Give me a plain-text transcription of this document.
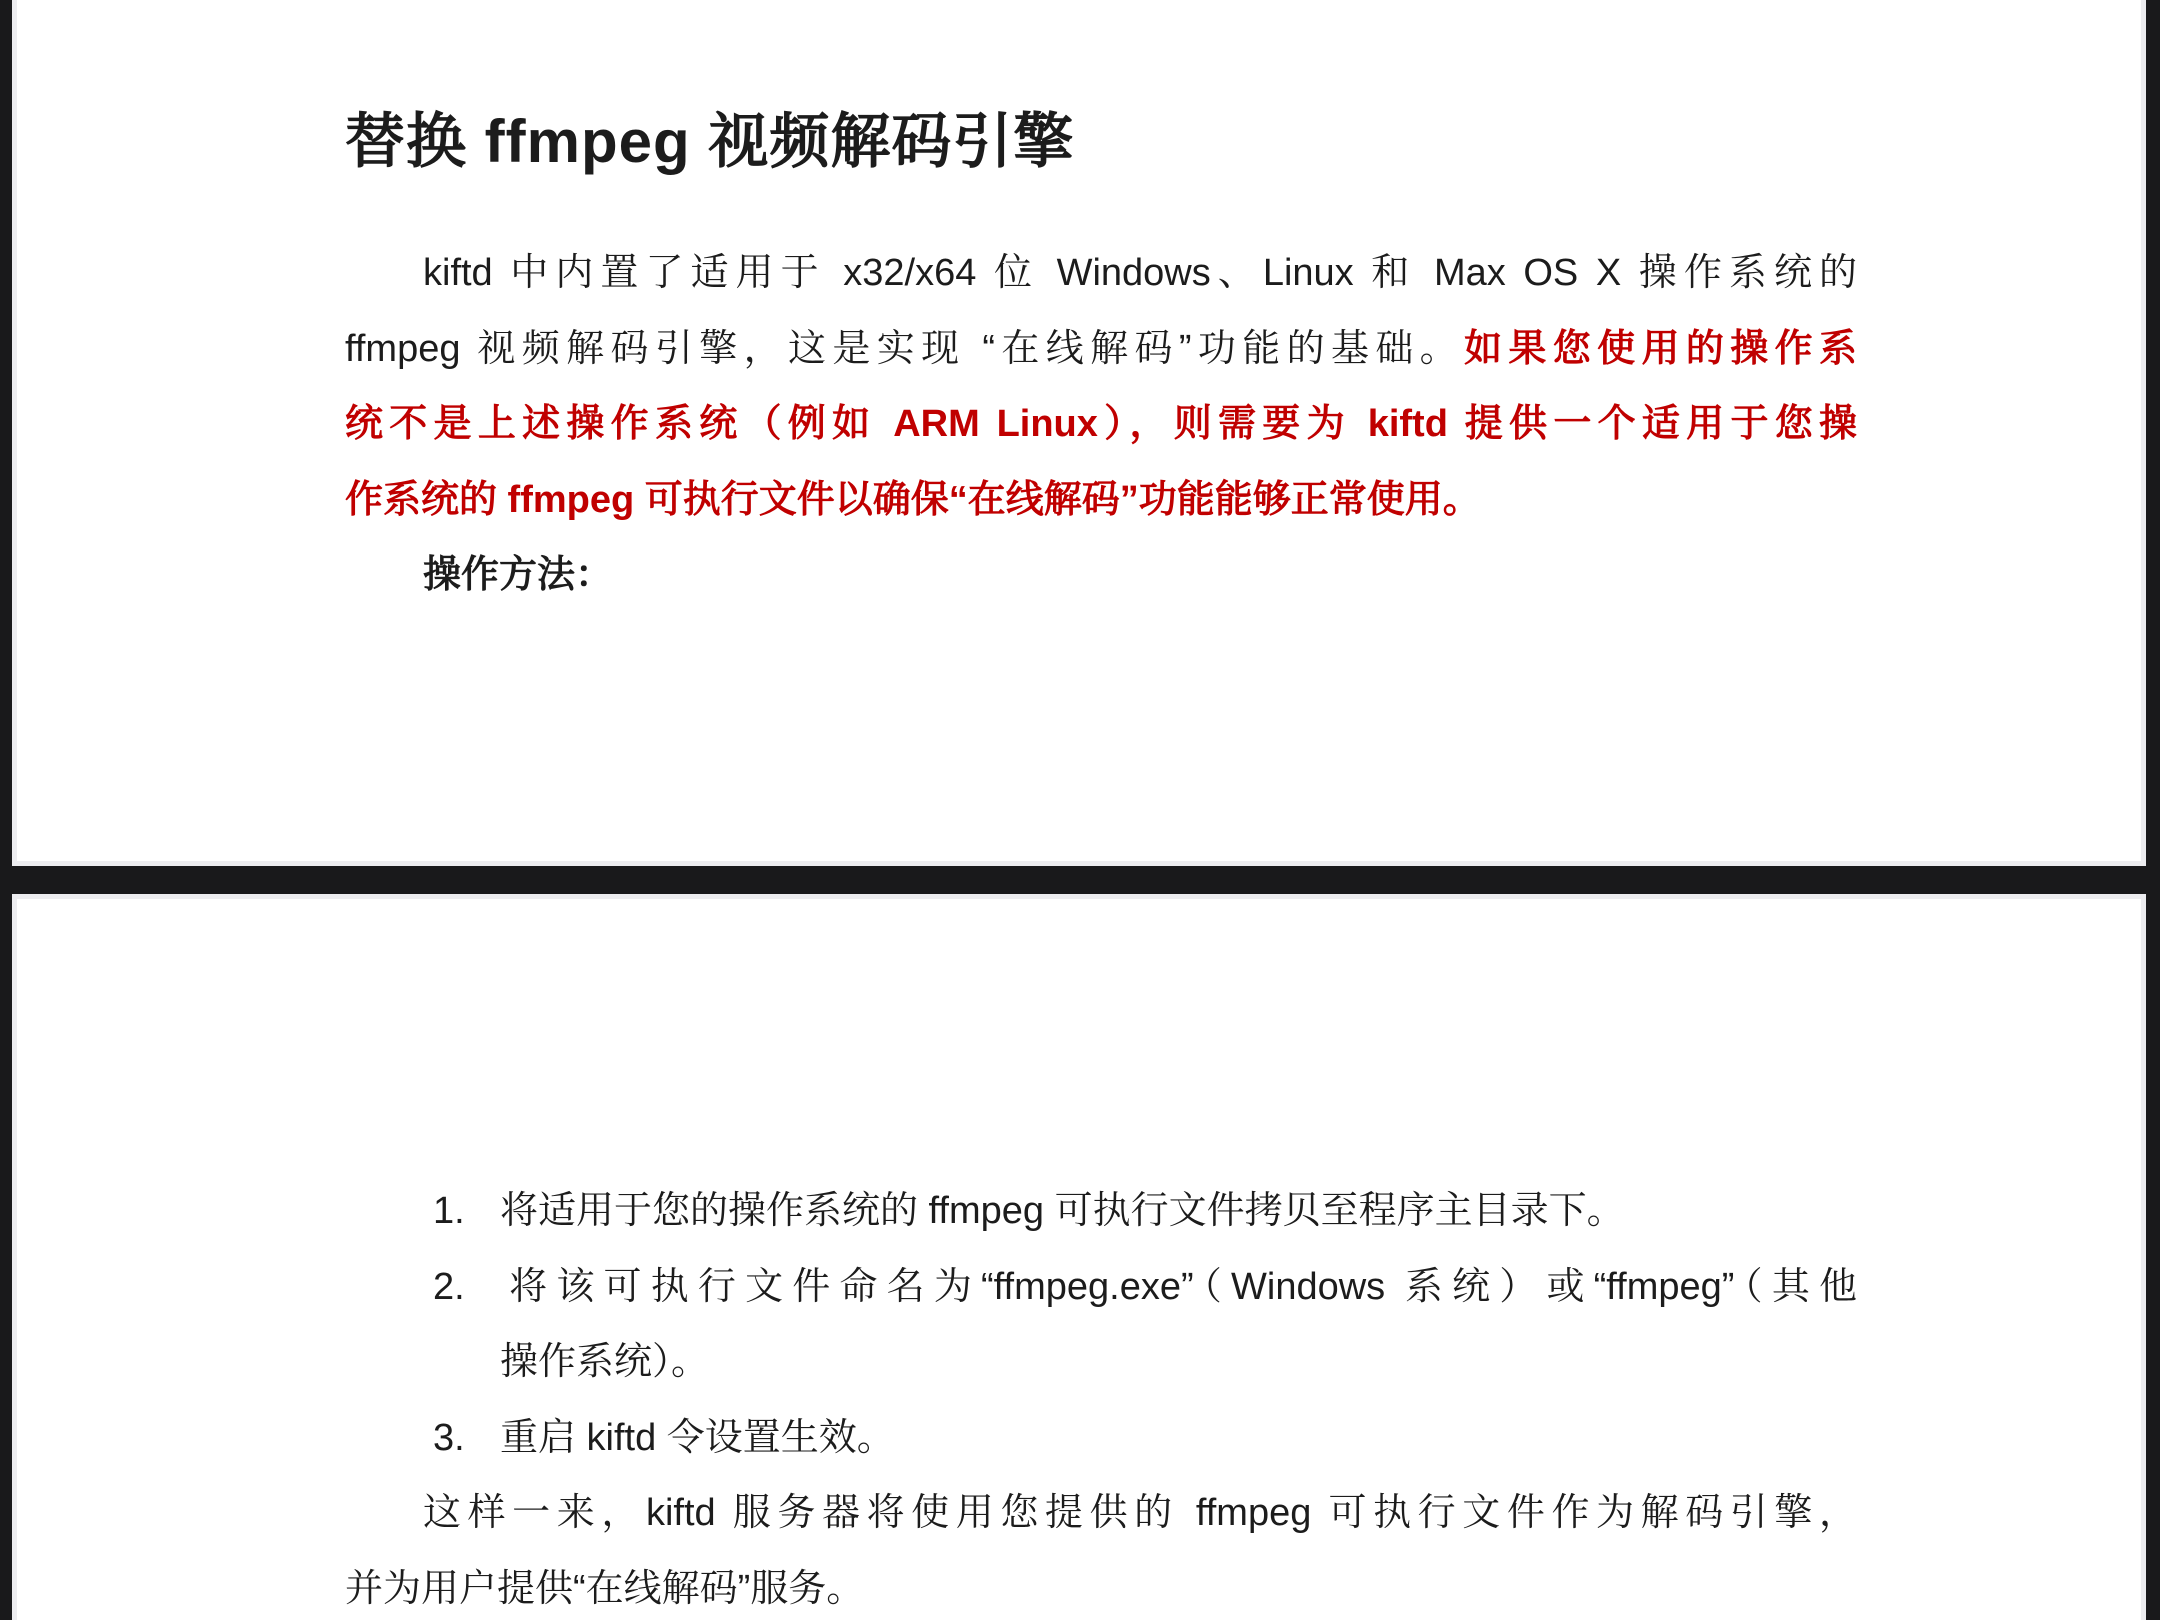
替换 ffmpeg 视频解码引擎
kiftd 中内置了适用于 x32/x64 位 Windows、Linux 和 Max OS X 操作系统的
ffmpeg 视频解码引擎，这是实现 “在线解码”功能的基础。如果您使用的操作系
统不是上述操作系统（例如 ARM Linux），则需要为 kiftd 提供一个适用于您操
作系统的 ffmpeg 可执行文件以确保“在线解码”功能能够正常使用。
操作方法：
1. 将适用于您的操作系统的 ffmpeg 可执行文件拷贝至程序主目录下。
2. 将该可执行文件命名为“ffmpeg.exe”（Windows 系统）或“ffmpeg”（其他
操作系统）。
3. 重启 kiftd 令设置生效。
这样一来，kiftd 服务器将使用您提供的 ffmpeg 可执行文件作为解码引擎，
并为用户提供“在线解码”服务。
